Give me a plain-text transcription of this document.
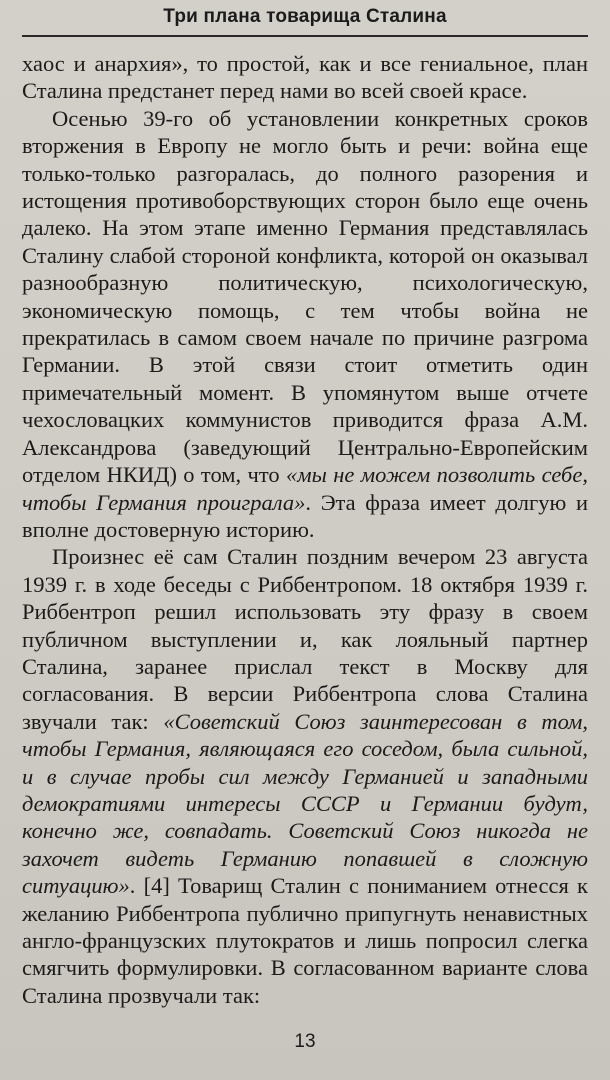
Три плана товарища Сталина

хаос и анархия», то простой, как и все гениальное, план Сталина предстанет перед нами во всей своей красе.

Осенью 39-го об установлении конкретных сроков вторжения в Европу не могло быть и речи: война еще только-только разгоралась, до полного разорения и истощения противоборствующих сторон было еще очень далеко. На этом этапе именно Германия представлялась Сталину слабой стороной конфликта, которой он оказывал разнообразную политическую, психологическую, экономическую помощь, с тем чтобы война не прекратилась в самом своем начале по причине разгрома Германии. В этой связи стоит отметить один примечательный момент. В упомянутом выше отчете чехословацких коммунистов приводится фраза А.М. Александрова (заведующий Центрально-Европейским отделом НКИД) о том, что «мы не можем позволить себе, чтобы Германия проиграла». Эта фраза имеет долгую и вполне достоверную историю.

Произнес её сам Сталин поздним вечером 23 августа 1939 г. в ходе беседы с Риббентропом. 18 октября 1939 г. Риббентроп решил использовать эту фразу в своем публичном выступлении и, как лояльный партнер Сталина, заранее прислал текст в Москву для согласования. В версии Риббентропа слова Сталина звучали так: «Советский Союз заинтересован в том, чтобы Германия, являющаяся его соседом, была сильной, и в случае пробы сил между Германией и западными демократиями интересы СССР и Германии будут, конечно же, совпадать. Советский Союз никогда не захочет видеть Германию попавшей в сложную ситуацию». [4] Товарищ Сталин с пониманием отнесся к желанию Риббентропа публично припугнуть ненавистных англо-французских плутократов и лишь попросил слегка смягчить формулировки. В согласованном варианте слова Сталина прозвучали так:

13
